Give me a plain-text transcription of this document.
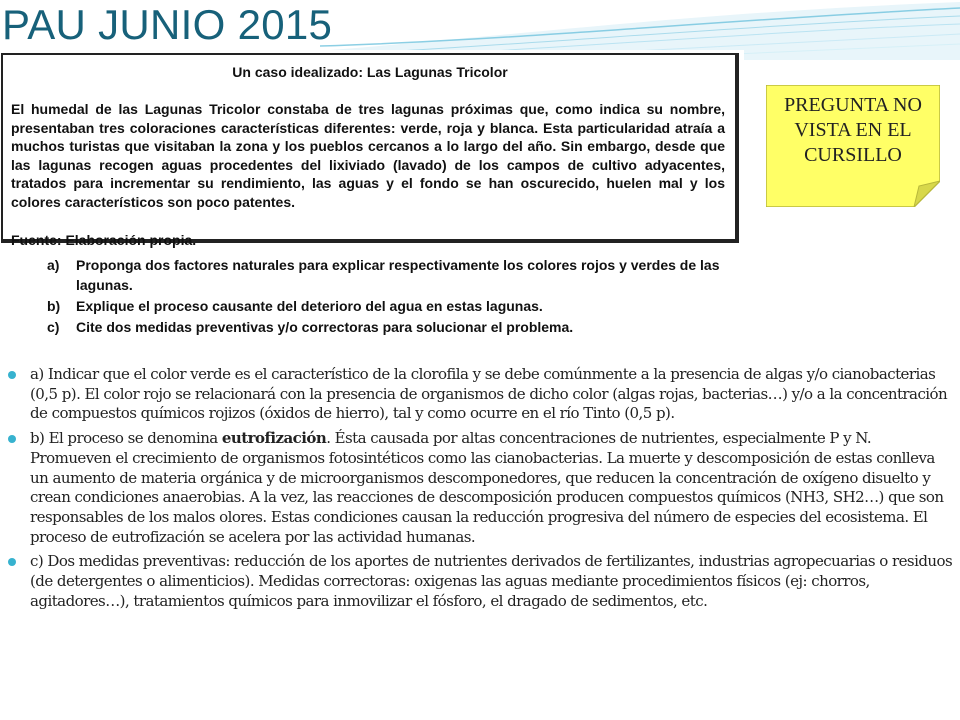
PAU JUNIO 2015
Un caso idealizado: Las Lagunas Tricolor

El humedal de las Lagunas Tricolor constaba de tres lagunas próximas que, como indica su nombre, presentaban tres coloraciones características diferentes: verde, roja y blanca. Esta particularidad atraía a muchos turistas que visitaban la zona y los pueblos cercanos a lo largo del año. Sin embargo, desde que las lagunas recogen aguas procedentes del lixiviado (lavado) de los campos de cultivo adyacentes, tratados para incrementar su rendimiento, las aguas y el fondo se han oscurecido, huelen mal y los colores característicos son poco patentes.

Fuente: Elaboración propia.

a) Proponga dos factores naturales para explicar respectivamente los colores rojos y verdes de las lagunas.
b) Explique el proceso causante del deterioro del agua en estas lagunas.
c) Cite dos medidas preventivas y/o correctoras para solucionar el problema.

PREGUNTA NO VISTA EN EL CURSILLO

a) Indicar que el color verde es el característico de la clorofila y se debe comúnmente a la presencia de algas y/o cianobacterias (0,5 p). El color rojo se relacionará con la presencia de organismos de dicho color (algas rojas, bacterias…) y/o a la concentración de compuestos químicos rojizos (óxidos de hierro), tal y como ocurre en el río Tinto (0,5 p).
b) El proceso se denomina eutrofización. Ésta causada por altas concentraciones de nutrientes, especialmente P y N. Promueven el crecimiento de organismos fotosintéticos como las cianobacterias. La muerte y descomposición de estas conlleva un aumento de materia orgánica y de microorganismos descomponedores, que reducen la concentración de oxígeno disuelto y crean condiciones anaerobias. A la vez, las reacciones de descomposición producen compuestos químicos (NH3, SH2…) que son responsables de los malos olores. Estas condiciones causan la reducción progresiva del número de especies del ecosistema. El proceso de eutrofización se acelera por las actividad humanas.
c) Dos medidas preventivas: reducción de los aportes de nutrientes derivados de fertilizantes, industrias agropecuarias o residuos (de detergentes o alimenticios). Medidas correctoras: oxigenas las aguas mediante procedimientos físicos (ej: chorros, agitadores…), tratamientos químicos para inmovilizar el fósforo, el dragado de sedimentos, etc.
